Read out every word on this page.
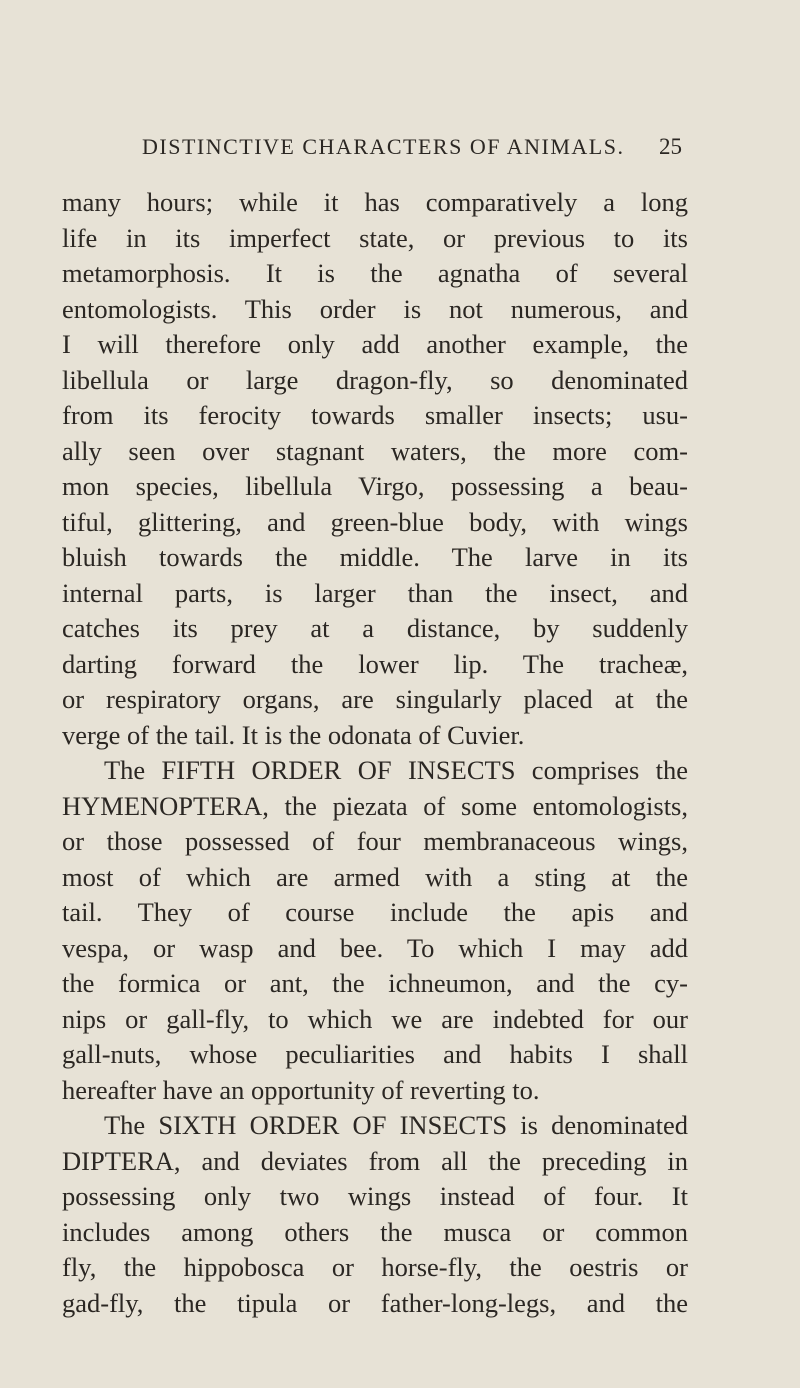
DISTINCTIVE CHARACTERS OF ANIMALS. 25
many hours; while it has comparatively a long
life in its imperfect state, or previous to its
metamorphosis. It is the agnatha of several
entomologists. This order is not numerous, and
I will therefore only add another example, the
libellula or large dragon-fly, so denominated
from its ferocity towards smaller insects; usu-
ally seen over stagnant waters, the more com-
mon species, libellula Virgo, possessing a beau-
tiful, glittering, and green-blue body, with wings
bluish towards the middle. The larve in its
internal parts, is larger than the insect, and
catches its prey at a distance, by suddenly
darting forward the lower lip. The tracheæ,
or respiratory organs, are singularly placed at the
verge of the tail. It is the odonata of Cuvier.
The FIFTH ORDER OF INSECTS comprises the
HYMENOPTERA, the piezata of some entomologists,
or those possessed of four membranaceous wings,
most of which are armed with a sting at the
tail. They of course include the apis and
vespa, or wasp and bee. To which I may add
the formica or ant, the ichneumon, and the cy-
nips or gall-fly, to which we are indebted for our
gall-nuts, whose peculiarities and habits I shall
hereafter have an opportunity of reverting to.
The SIXTH ORDER OF INSECTS is denominated
DIPTERA, and deviates from all the preceding in
possessing only two wings instead of four. It
includes among others the musca or common
fly, the hippobosca or horse-fly, the oestris or
gad-fly, the tipula or father-long-legs, and the
